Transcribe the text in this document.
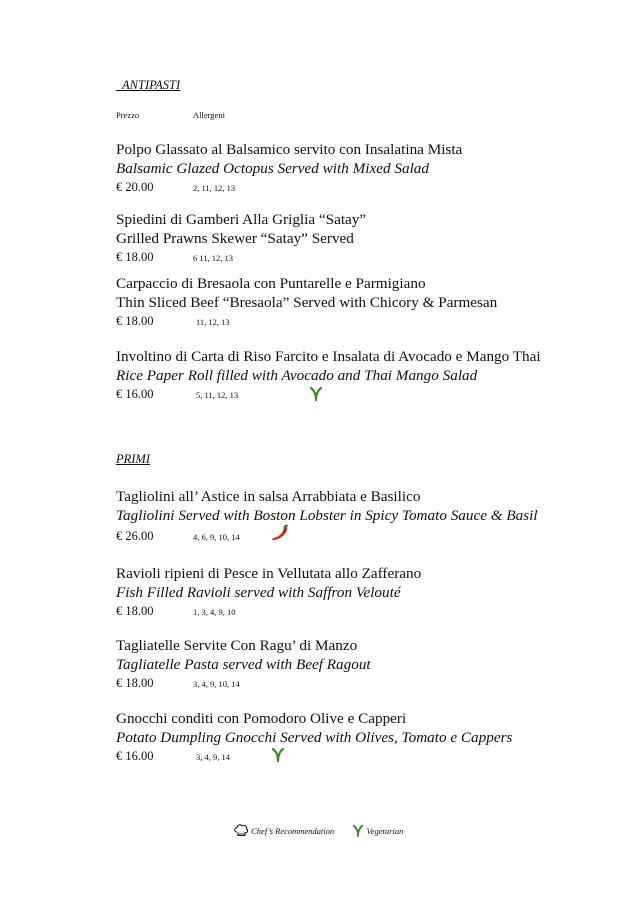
ANTIPASTI
Prezzo	Allergeni
Polpo Glassato al Balsamico servito con Insalatina Mista
Balsamic Glazed Octopus Served with Mixed Salad
€ 20.00	2, 11, 12, 13
Spiedini di Gamberi Alla Griglia “Satay”
Grilled Prawns Skewer “Satay” Served
€ 18.00	6 11, 12, 13
Carpaccio di Bresaola con Puntarelle e Parmigiano
Thin Sliced Beef “Bresaola” Served with Chicory & Parmesan
€ 18.00	11, 12, 13
Involtino di Carta di Riso Farcito e Insalata di Avocado e Mango Thai
Rice Paper Roll filled with Avocado and Thai Mango Salad
€ 16.00	5, 11, 12, 13
PRIMI
Tagliolini all’ Astice in salsa Arrabbiata e Basilico
Tagliolini Served with Boston Lobster in Spicy Tomato Sauce & Basil
€ 26.00	4, 6, 9, 10, 14
Ravioli ripieni di Pesce in Vellutata allo Zafferano
Fish Filled Ravioli served with Saffron Velouté
€ 18.00	1, 3, 4, 9, 10
Tagliatelle Servite Con Ragu’ di Manzo
Tagliatelle Pasta served with Beef Ragout
€ 18.00	3, 4, 9, 10, 14
Gnocchi conditi con Pomodoro Olive e Capperi
Potato Dumpling Gnocchi Served with Olives, Tomato e Cappers
€ 16.00	3, 4, 9, 14
Chef’s Recommendation	Vegetarian
